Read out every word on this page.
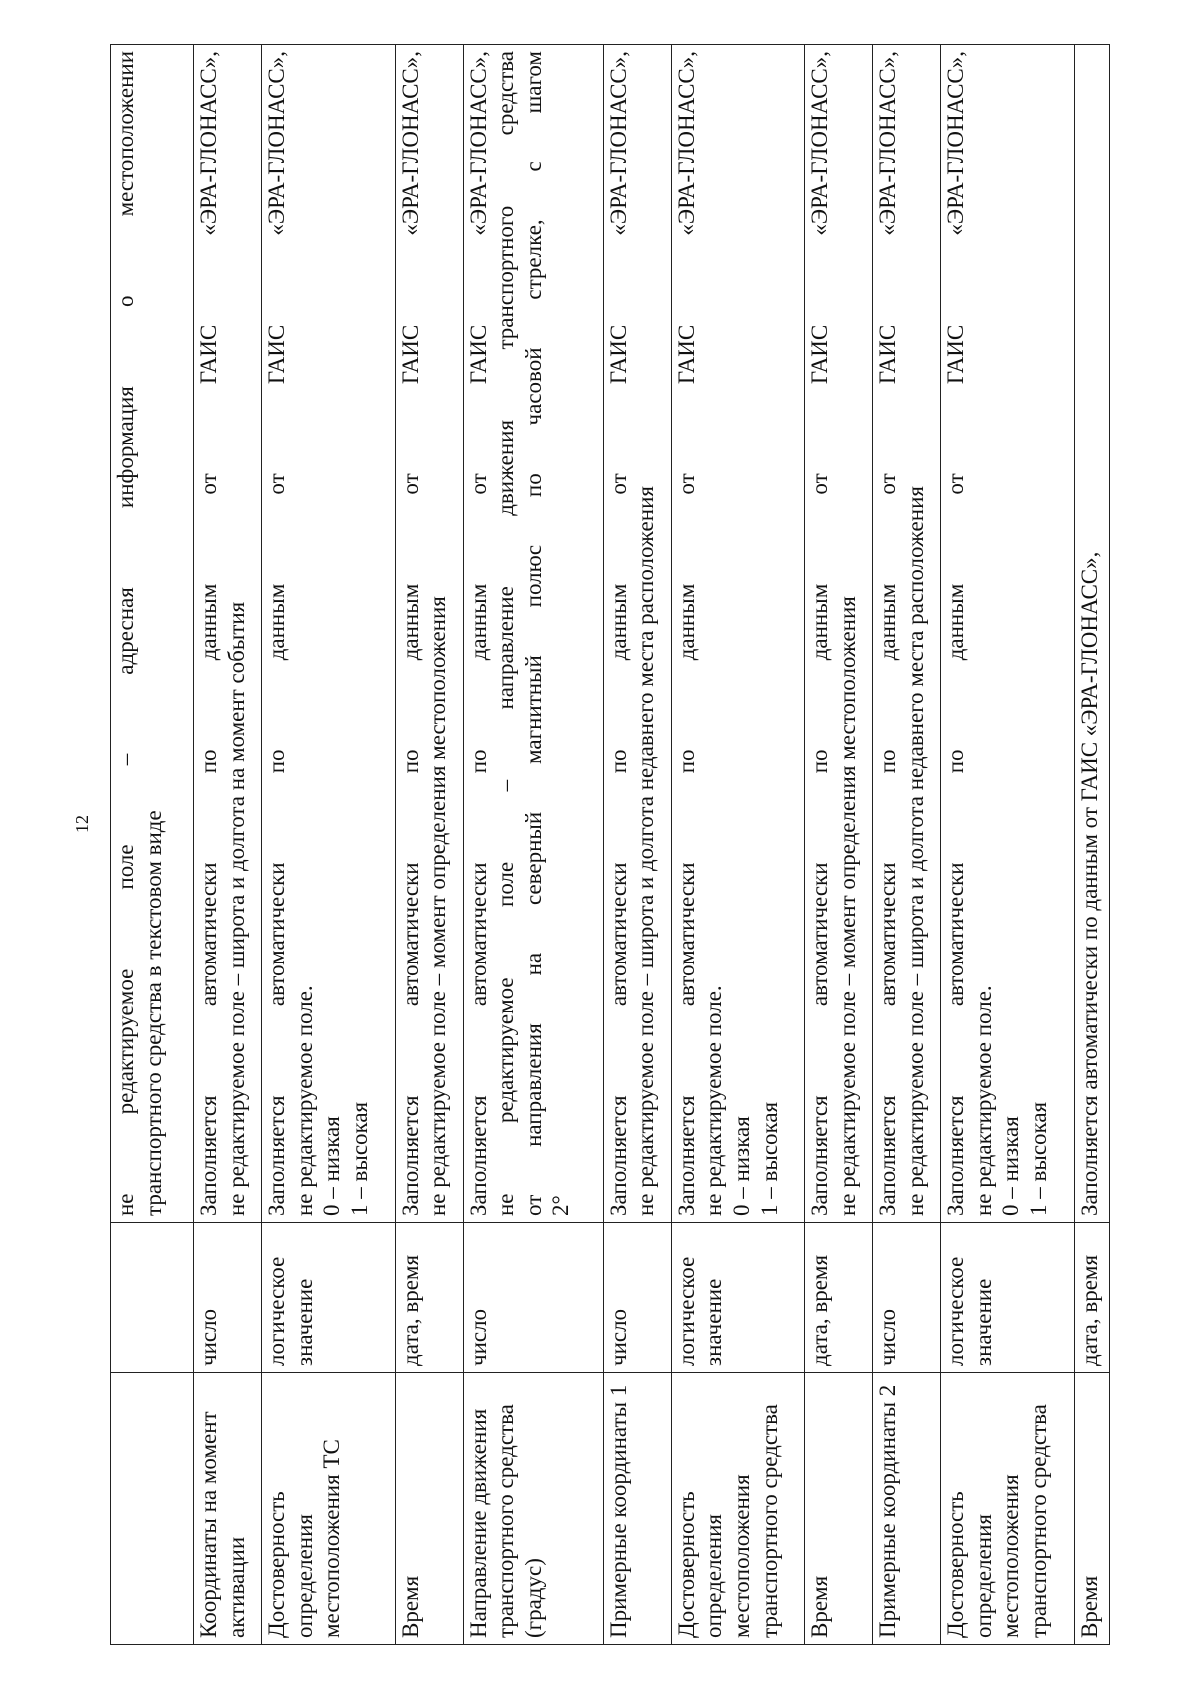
12

		не редактируемое поле – адресная информация о местоположении транспортного средства в текстовом виде

Координаты на момент активации	число	Заполняется автоматически по данным от ГАИС «ЭРА-ГЛОНАСС», не редактируемое поле – широта и долгота на момент события

Достоверность определения местоположения ТС	логическое значение	Заполняется автоматически по данным от ГАИС «ЭРА-ГЛОНАСС», не редактируемое поле. 0 – низкая 1 – высокая

Время	дата, время	Заполняется автоматически по данным от ГАИС «ЭРА-ГЛОНАСС», не редактируемое поле – момент определения местоположения

Направление движения транспортного средства (градус)	число	Заполняется автоматически по данным от ГАИС «ЭРА-ГЛОНАСС», не редактируемое поле – направление движения транспортного средства от направления на северный магнитный полюс по часовой стрелке, с шагом 2°

Примерные координаты 1	число	Заполняется автоматически по данным от ГАИС «ЭРА-ГЛОНАСС», не редактируемое поле – широта и долгота недавнего места расположения

Достоверность определения местоположения транспортного средства	логическое значение	Заполняется автоматически по данным от ГАИС «ЭРА-ГЛОНАСС», не редактируемое поле. 0 – низкая 1 – высокая

Время	дата, время	Заполняется автоматически по данным от ГАИС «ЭРА-ГЛОНАСС», не редактируемое поле – момент определения местоположения

Примерные координаты 2	число	Заполняется автоматически по данным от ГАИС «ЭРА-ГЛОНАСС», не редактируемое поле – широта и долгота недавнего места расположения

Достоверность определения местоположения транспортного средства	логическое значение	Заполняется автоматически по данным от ГАИС «ЭРА-ГЛОНАСС», не редактируемое поле. 0 – низкая 1 – высокая

Время	дата, время	Заполняется автоматически по данным от ГАИС «ЭРА-ГЛОНАСС»,
